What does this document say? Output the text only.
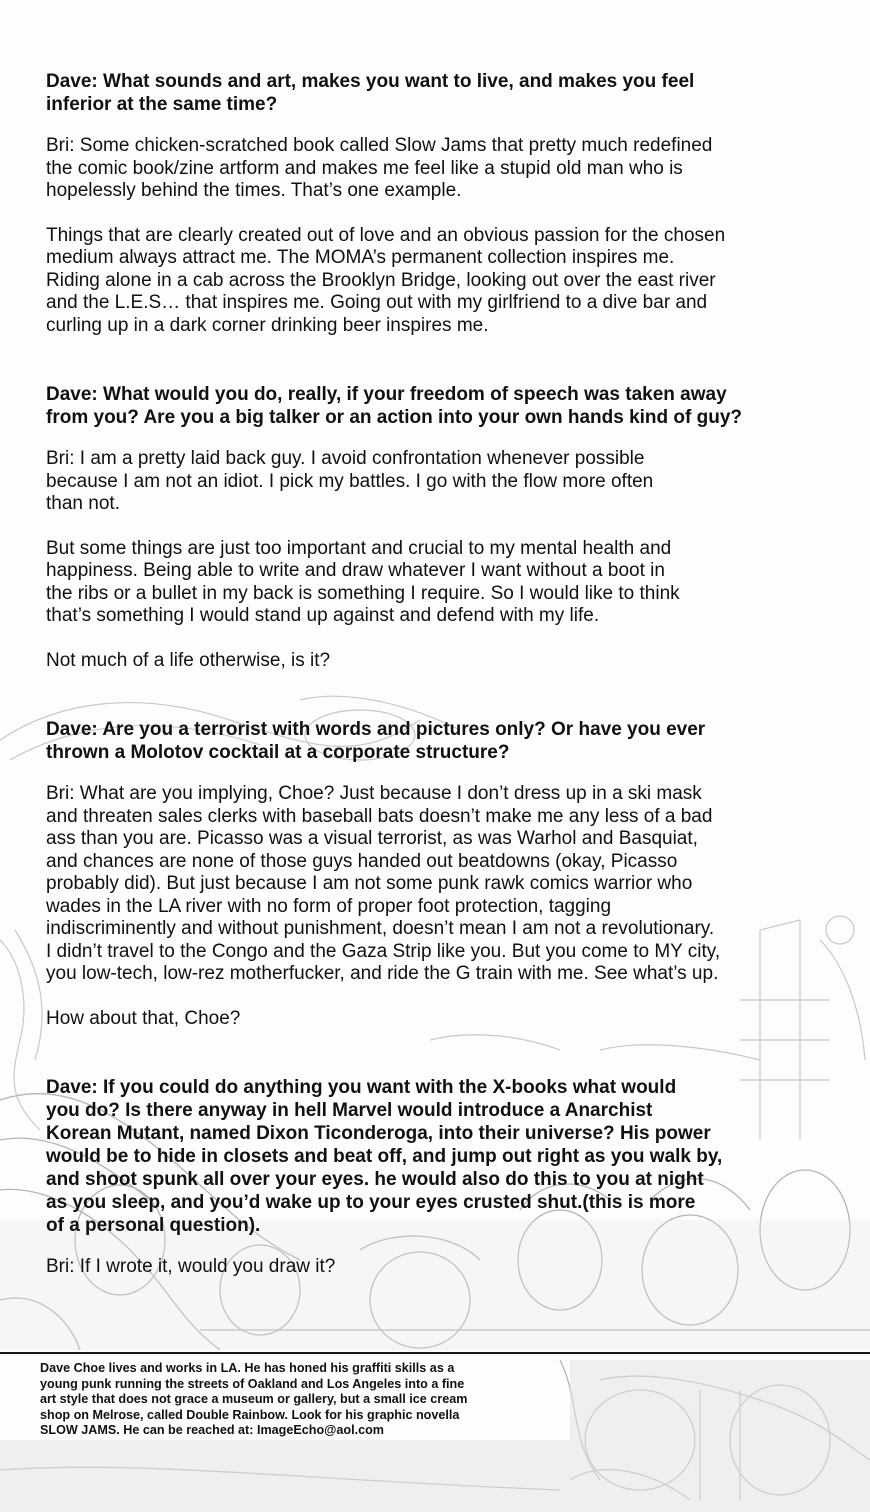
Dave: What sounds and art, makes you want to live, and makes you feel
inferior at the same time?
Bri: Some chicken-scratched book called Slow Jams that pretty much redefined
the comic book/zine artform and makes me feel like a stupid old man who is
hopelessly behind the times. That’s one example.
Things that are clearly created out of love and an obvious passion for the chosen
medium always attract me. The MOMA’s permanent collection inspires me.
Riding alone in a cab across the Brooklyn Bridge, looking out over the east river
and the L.E.S… that inspires me. Going out with my girlfriend to a dive bar and
curling up in a dark corner drinking beer inspires me.
Dave: What would you do, really, if your freedom of speech was taken away
from you? Are you a big talker or an action into your own hands kind of guy?
Bri: I am a pretty laid back guy. I avoid confrontation whenever possible
because I am not an idiot. I pick my battles. I go with the flow more often
than not.
But some things are just too important and crucial to my mental health and
happiness. Being able to write and draw whatever I want without a boot in
the ribs or a bullet in my back is something I require. So I would like to think
that’s something I would stand up against and defend with my life.
Not much of a life otherwise, is it?
Dave: Are you a terrorist with words and pictures only? Or have you ever
thrown a Molotov cocktail at a corporate structure?
Bri: What are you implying, Choe? Just because I don’t dress up in a ski mask
and threaten sales clerks with baseball bats doesn’t make me any less of a bad
ass than you are. Picasso was a visual terrorist, as was Warhol and Basquiat,
and chances are none of those guys handed out beatdowns (okay, Picasso
probably did). But just because I am not some punk rawk comics warrior who
wades in the LA river with no form of proper foot protection, tagging
indiscriminently and without punishment, doesn’t mean I am not a revolutionary.
I didn’t travel to the Congo and the Gaza Strip like you. But you come to MY city,
you low-tech, low-rez motherfucker, and ride the G train with me. See what’s up.
How about that, Choe?
Dave: If you could do anything you want with the X-books what would
you do? Is there anyway in hell Marvel would introduce a Anarchist
Korean Mutant, named Dixon Ticonderoga, into their universe? His power
would be to hide in closets and beat off, and jump out right as you walk by,
and shoot spunk all over your eyes. he would also do this to you at night
as you sleep, and you’d wake up to your eyes crusted shut.(this is more
of a personal question).
Bri: If I wrote it, would you draw it?
Dave Choe lives and works in LA. He has honed his graffiti skills as a
young punk running the streets of Oakland and Los Angeles into a fine
art style that does not grace a museum or gallery, but a small ice cream
shop on Melrose, called Double Rainbow. Look for his graphic novella
SLOW JAMS. He can be reached at: ImageEcho@aol.com
